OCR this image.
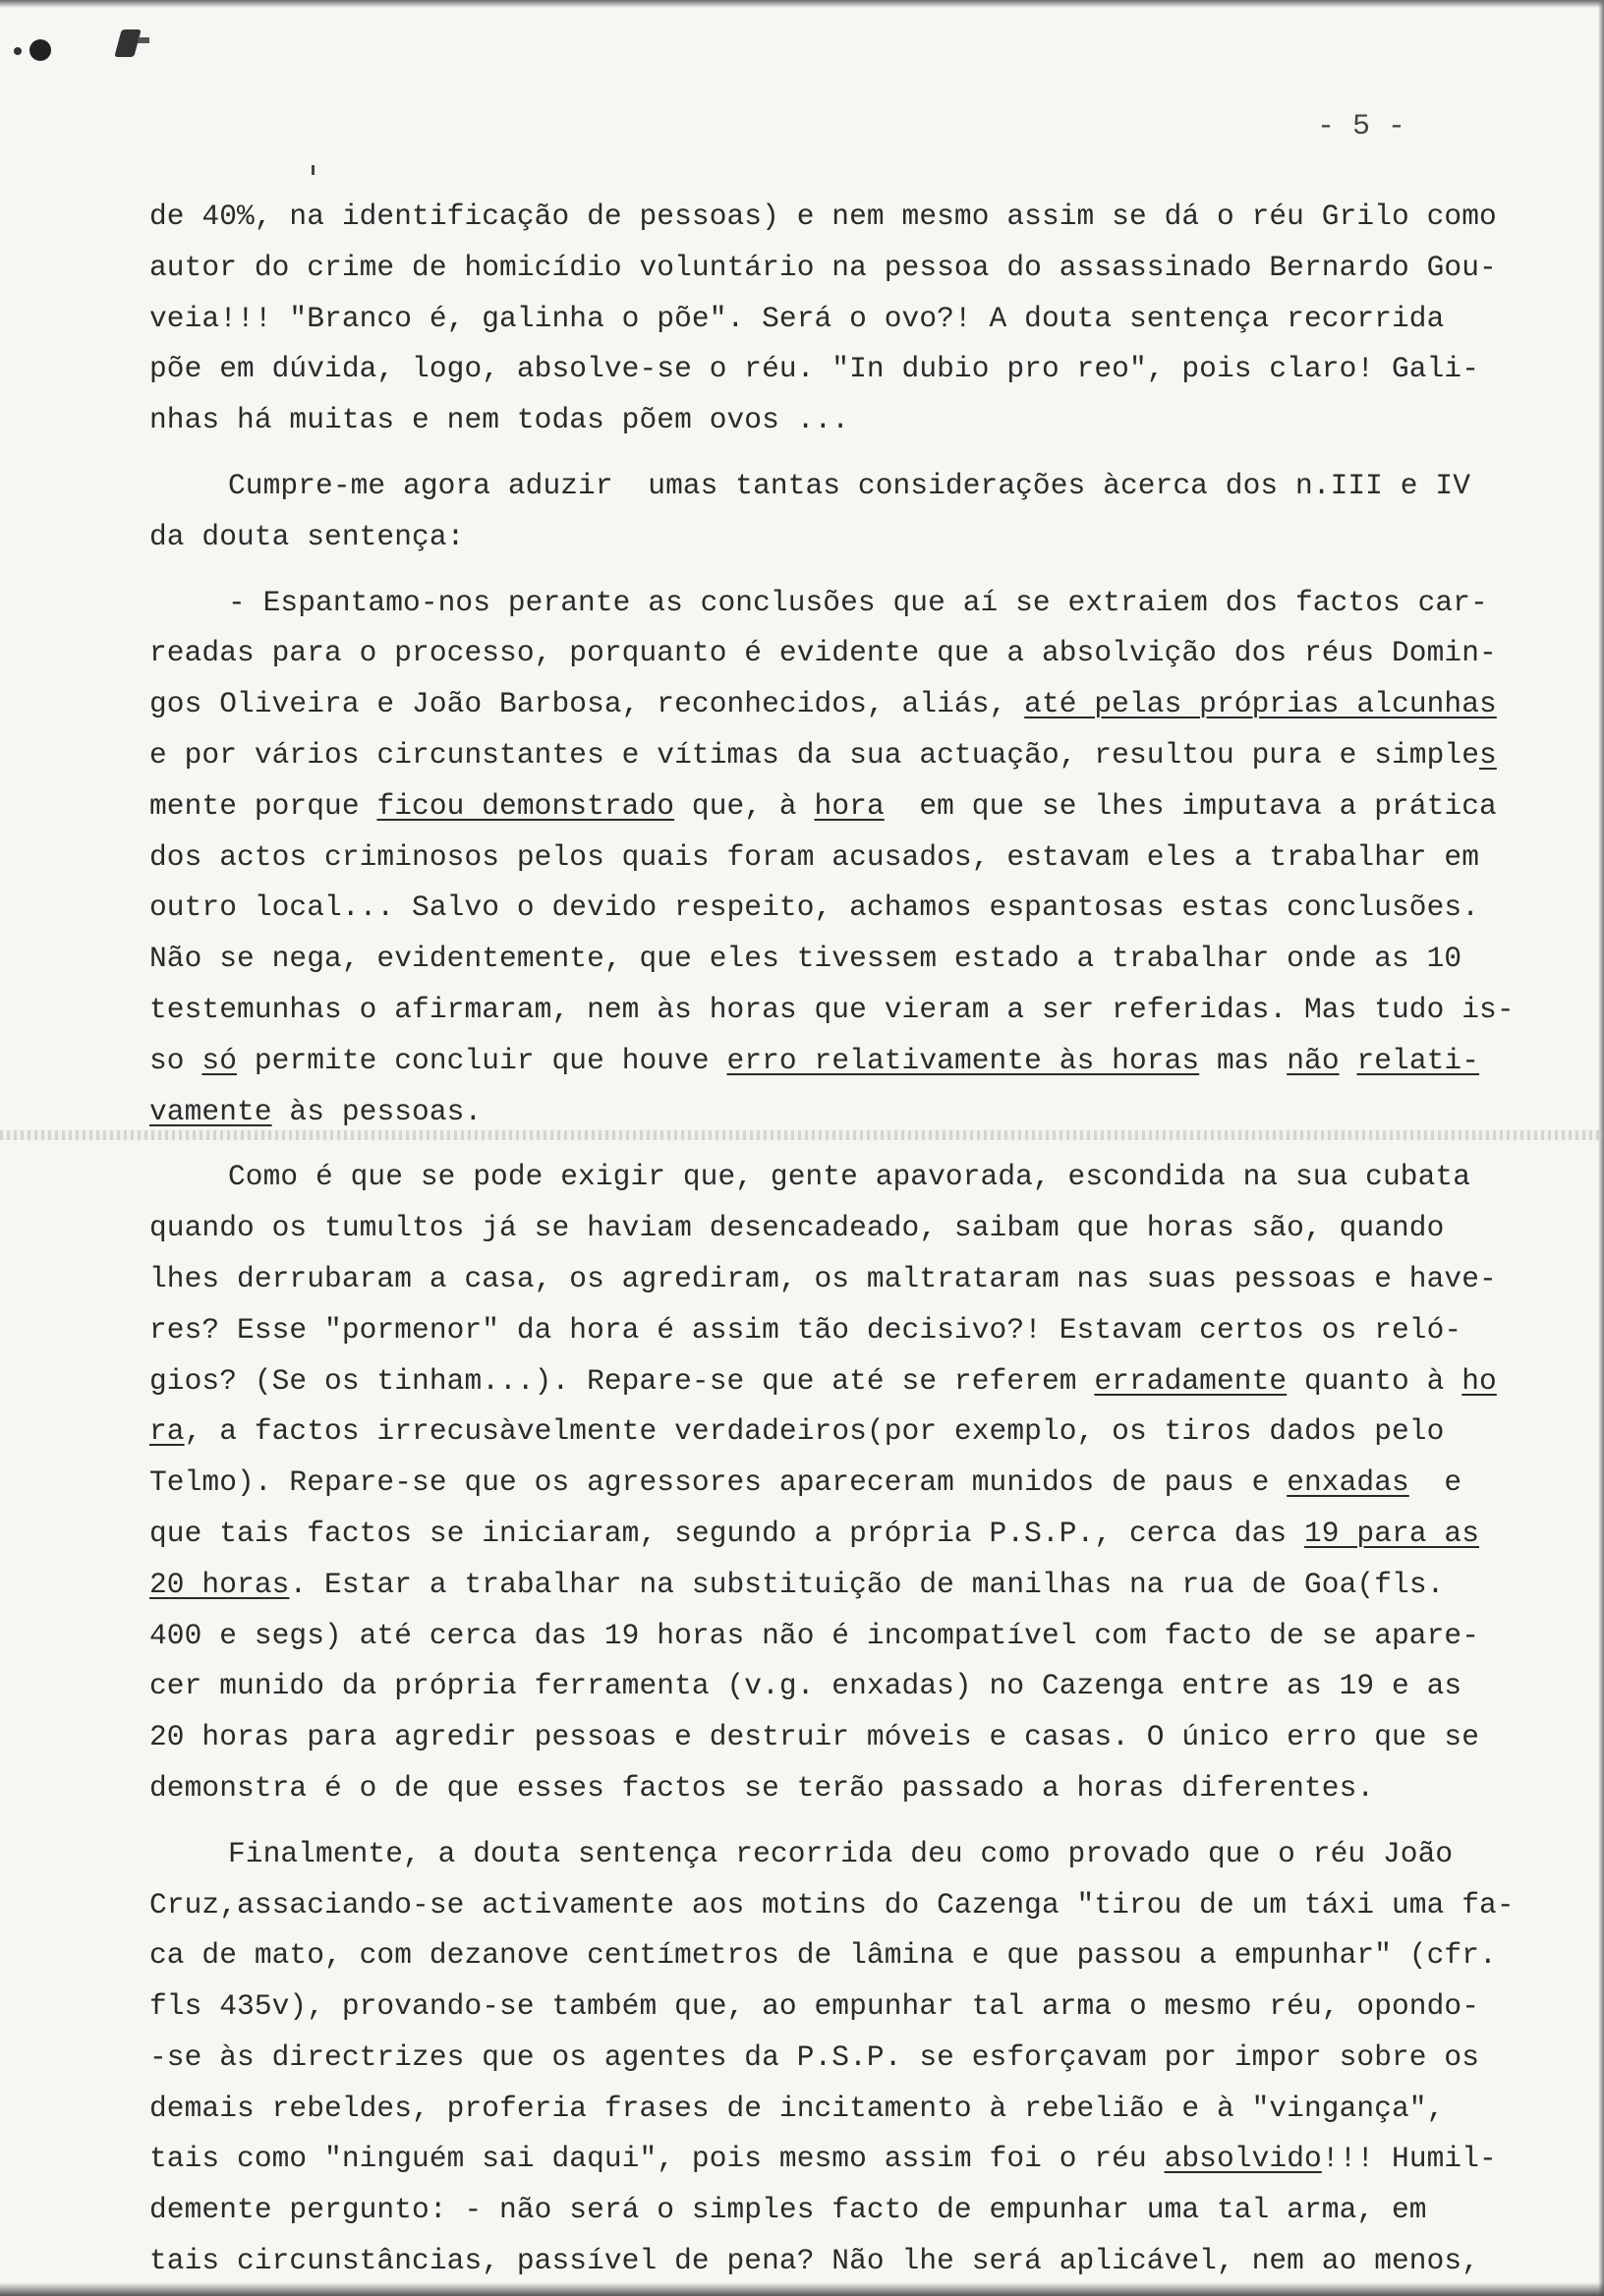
- 5 -
de 40%, na identificação de pessoas) e nem mesmo assim se dá o réu Grilo como
autor do crime de homicídio voluntário na pessoa do assassinado Bernardo Gou-
veia!!! "Branco é, galinha o põe". Será o ovo?! A douta sentença recorrida
põe em dúvida, logo, absolve-se o réu. "In dubio pro reo", pois claro! Gali-
nhas há muitas e nem todas põem ovos ...
Cumpre-me agora aduzir  umas tantas considerações àcerca dos n.III e IV
da douta sentença:
- Espantamo-nos perante as conclusões que aí se extraiem dos factos car-
readas para o processo, porquanto é evidente que a absolvição dos réus Domin-
gos Oliveira e João Barbosa, reconhecidos, aliás, até pelas próprias alcunhas
e por vários circunstantes e vítimas da sua actuação, resultou pura e simples
mente porque ficou demonstrado que, à hora  em que se lhes imputava a prática
dos actos criminosos pelos quais foram acusados, estavam eles a trabalhar em
outro local... Salvo o devido respeito, achamos espantosas estas conclusões.
Não se nega, evidentemente, que eles tivessem estado a trabalhar onde as 10
testemunhas o afirmaram, nem às horas que vieram a ser referidas. Mas tudo is-
so só permite concluir que houve erro relativamente às horas mas não relati-
vamente às pessoas.
Como é que se pode exigir que, gente apavorada, escondida na sua cubata
quando os tumultos já se haviam desencadeado, saibam que horas são, quando
lhes derrubaram a casa, os agrediram, os maltrataram nas suas pessoas e have-
res? Esse "pormenor" da hora é assim tão decisivo?! Estavam certos os reló-
gios? (Se os tinham...). Repare-se que até se referem erradamente quanto à ho
ra, a factos irrecusàvelmente verdadeiros(por exemplo, os tiros dados pelo
Telmo). Repare-se que os agressores apareceram munidos de paus e enxadas  e
que tais factos se iniciaram, segundo a própria P.S.P., cerca das 19 para as
20 horas. Estar a trabalhar na substituição de manilhas na rua de Goa(fls.
400 e segs) até cerca das 19 horas não é incompatível com facto de se apare-
cer munido da própria ferramenta (v.g. enxadas) no Cazenga entre as 19 e as
20 horas para agredir pessoas e destruir móveis e casas. O único erro que se
demonstra é o de que esses factos se terão passado a horas diferentes.
Finalmente, a douta sentença recorrida deu como provado que o réu João
Cruz,assaciando-se activamente aos motins do Cazenga "tirou de um táxi uma fa-
ca de mato, com dezanove centímetros de lâmina e que passou a empunhar" (cfr.
fls 435v), provando-se também que, ao empunhar tal arma o mesmo réu, opondo-
-se às directrizes que os agentes da P.S.P. se esforçavam por impor sobre os
demais rebeldes, proferia frases de incitamento à rebelião e à "vingança",
tais como "ninguém sai daqui", pois mesmo assim foi o réu absolvido!!! Humil-
demente pergunto: - não será o simples facto de empunhar uma tal arma, em
tais circunstâncias, passível de pena? Não lhe será aplicável, nem ao menos,
